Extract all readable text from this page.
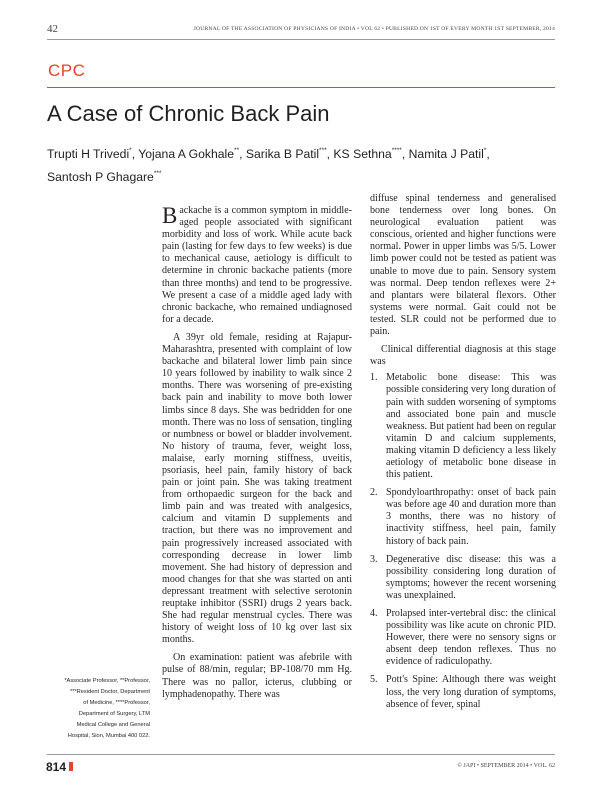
42	JOURNAL OF THE ASSOCIATION OF PHYSICIANS OF INDIA • VOL 62 • PUBLISHED ON 1ST OF EVERY MONTH 1ST SEPTEMBER, 2014
CPC
A Case of Chronic Back Pain
Trupti H Trivedi*, Yojana A Gokhale**, Sarika B Patil***, KS Sethna****, Namita J Patil*,
Santosh P Ghagare***

Backache is a common symptom in middle-aged people associated with significant morbidity and loss of work. While acute back pain (lasting for few days to few weeks) is due to mechanical cause, aetiology is difficult to determine in chronic backache patients (more than three months) and tend to be progressive. We present a case of a middle aged lady with chronic backache, who remained undiagnosed for a decade.

A 39yr old female, residing at Rajapur-Maharashtra, presented with complaint of low backache and bilateral lower limb pain since 10 years followed by inability to walk since 2 months. There was worsening of pre-existing back pain and inability to move both lower limbs since 8 days. She was bedridden for one month. There was no loss of sensation, tingling or numbness or bowel or bladder involvement. No history of trauma, fever, weight loss, malaise, early morning stiffness, uveitis, psoriasis, heel pain, family history of back pain or joint pain. She was taking treatment from orthopaedic surgeon for the back and limb pain and was treated with analgesics, calcium and vitamin D supplements and traction, but there was no improvement and pain progressively increased associated with corresponding decrease in lower limb movement. She had history of depression and mood changes for that she was started on anti depressant treatment with selective serotonin reuptake inhibitor (SSRI) drugs 2 years back. She had regular menstrual cycles. There was history of weight loss of 10 kg over last six months.

On examination: patient was afebrile with pulse of 88/min, regular; BP-108/70 mm Hg. There was no pallor, icterus, clubbing or lymphadenopathy. There was

diffuse spinal tenderness and generalised bone tenderness over long bones. On neurological evaluation patient was conscious, oriented and higher functions were normal. Power in upper limbs was 5/5. Lower limb power could not be tested as patient was unable to move due to pain. Sensory system was normal. Deep tendon reflexes were 2+ and plantars were bilateral flexors. Other systems were normal. Gait could not be tested. SLR could not be performed due to pain.

Clinical differential diagnosis at this stage was

1. Metabolic bone disease: This was possible considering very long duration of pain with sudden worsening of symptoms and associated bone pain and muscle weakness. But patient had been on regular vitamin D and calcium supplements, making vitamin D deficiency a less likely aetiology of metabolic bone disease in this patient.
2. Spondyloarthropathy: onset of back pain was before age 40 and duration more than 3 months, there was no history of inactivity stiffness, heel pain, family history of back pain.
3. Degenerative disc disease: this was a possibility considering long duration of symptoms; however the recent worsening was unexplained.
4. Prolapsed inter-vertebral disc: the clinical possibility was like acute on chronic PID. However, there were no sensory signs or absent deep tendon reflexes. Thus no evidence of radiculopathy.
5. Pott's Spine: Although there was weight loss, the very long duration of symptoms, absence of fever, spinal
*Associate Professor, **Professor,
***Resident Doctor, Department
of Medicine, ****Professor,
Department of Surgery, LTM
Medical College and General
Hospital, Sion, Mumbai 400 022.
814	© JAPI • SEPTEMBER 2014 • VOL. 62
